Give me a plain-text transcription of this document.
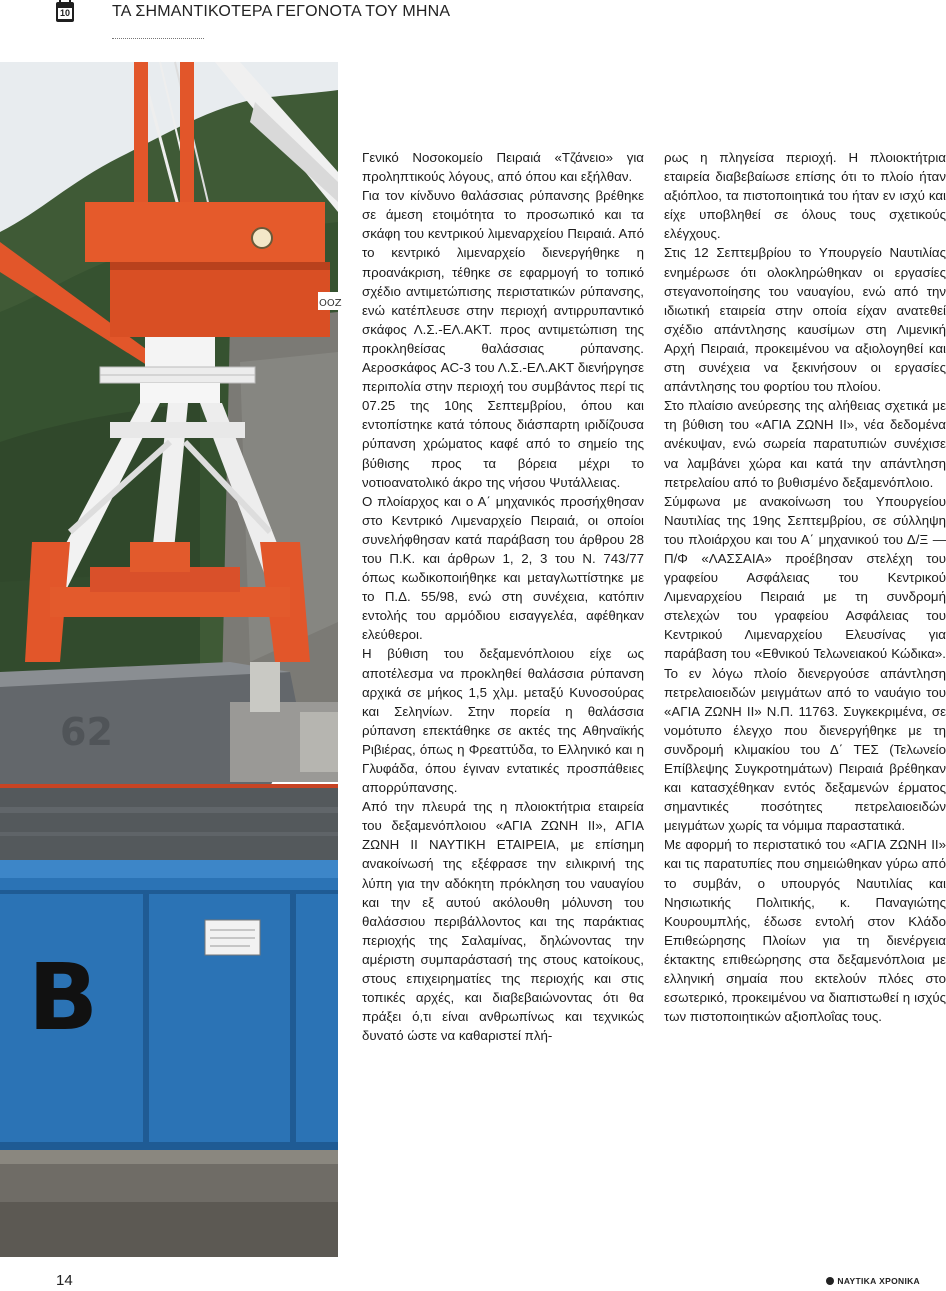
10	ΤΑ ΣΗΜΑΝΤΙΚΟΤΕΡΑ ΓΕΓΟΝΟΤΑ ΤΟΥ ΜΗΝΑ
OOZ
62
B

Γενικό Νοσοκομείο Πειραιά «Τζάνειο» για προληπτικούς λόγους, από όπου και εξήλθαν.

Για τον κίνδυνο θαλάσσιας ρύπανσης βρέθηκε σε άμεση ετοιμότητα το προσωπικό και τα σκάφη του κεντρικού λιμεναρχείου Πειραιά. Από το κεντρικό λιμεναρχείο διενεργήθηκε η προανάκριση, τέθηκε σε εφαρμογή το τοπικό σχέδιο αντιμετώπισης περιστατικών ρύπανσης, ενώ κατέπλευσε στην περιοχή αντιρρυπαντικό σκάφος Λ.Σ.-ΕΛ.ΑΚΤ. προς αντιμετώπιση της προκληθείσας θαλάσσιας ρύπανσης. Αεροσκάφος AC-3 του Λ.Σ.-ΕΛ.ΑΚΤ διενήργησε περιπολία στην περιοχή του συμβάντος περί τις 07.25 της 10ης Σεπτεμβρίου, όπου και εντοπίστηκε κατά τόπους διάσπαρτη ιριδίζουσα ρύπανση χρώματος καφέ από το σημείο της βύθισης προς τα βόρεια μέχρι το νοτιοανατολικό άκρο της νήσου Ψυτάλλειας.

Ο πλοίαρχος και ο Α΄ μηχανικός προσήχθησαν στο Κεντρικό Λιμεναρχείο Πειραιά, οι οποίοι συνελήφθησαν κατά παράβαση του άρθρου 28 του Π.Κ. και άρθρων 1, 2, 3 του Ν. 743/77 όπως κωδικοποιήθηκε και μεταγλωττίστηκε με το Π.Δ. 55/98, ενώ στη συνέχεια, κατόπιν εντολής του αρμόδιου εισαγγελέα, αφέθηκαν ελεύθεροι.

Η βύθιση του δεξαμενόπλοιου είχε ως αποτέλεσμα να προκληθεί θαλάσσια ρύπανση αρχικά σε μήκος 1,5 χλμ. μεταξύ Κυνοσούρας και Σεληνίων. Στην πορεία η θαλάσσια ρύπανση επεκτάθηκε σε ακτές της Αθηναϊκής Ριβιέρας, όπως η Φρεαττύδα, το Ελληνικό και η Γλυφάδα, όπου έγιναν εντατικές προσπάθειες απορρύπανσης.

Από την πλευρά της η πλοιοκτήτρια εταιρεία του δεξαμενόπλοιου «ΑΓΙΑ ΖΩΝΗ ΙΙ», ΑΓΙΑ ΖΩΝΗ ΙΙ ΝΑΥΤΙΚΗ ΕΤΑΙΡΕΙΑ, με επίσημη ανακοίνωσή της εξέφρασε την ειλικρινή της λύπη για την αδόκητη πρόκληση του ναυαγίου και την εξ αυτού ακόλουθη μόλυνση του θαλάσσιου περιβάλλοντος και της παράκτιας περιοχής της Σαλαμίνας, δηλώνοντας την αμέριστη συμπαράστασή της στους κατοίκους, στους επιχειρηματίες της περιοχής και στις τοπικές αρχές, και διαβεβαιώνοντας ότι θα πράξει ό,τι είναι ανθρωπίνως και τεχνικώς δυνατό ώστε να καθαριστεί πλή-

ρως η πληγείσα περιοχή. Η πλοιοκτήτρια εταιρεία διαβεβαίωσε επίσης ότι το πλοίο ήταν αξιόπλοο, τα πιστοποιητικά του ήταν εν ισχύ και είχε υποβληθεί σε όλους τους σχετικούς ελέγχους.

Στις 12 Σεπτεμβρίου το Υπουργείο Ναυτιλίας ενημέρωσε ότι ολοκληρώθηκαν οι εργασίες στεγανοποίησης του ναυαγίου, ενώ από την ιδιωτική εταιρεία στην οποία είχαν ανατεθεί σχέδιο απάντλησης καυσίμων στη Λιμενική Αρχή Πειραιά, προκειμένου να αξιολογηθεί και στη συνέχεια να ξεκινήσουν οι εργασίες απάντλησης του φορτίου του πλοίου.

Στο πλαίσιο ανεύρεσης της αλήθειας σχετικά με τη βύθιση του «ΑΓΙΑ ΖΩΝΗ ΙΙ», νέα δεδομένα ανέκυψαν, ενώ σωρεία παρατυπιών συνέχισε να λαμβάνει χώρα και κατά την απάντληση πετρελαίου από το βυθισμένο δεξαμενόπλοιο.

Σύμφωνα με ανακοίνωση του Υπουργείου Ναυτιλίας της 19ης Σεπτεμβρίου, σε σύλληψη του πλοιάρχου και του Α΄ μηχανικού του Δ/Ξ — Π/Φ «ΛΑΣΣΑΙΑ» προέβησαν στελέχη του γραφείου Ασφάλειας του Κεντρικού Λιμεναρχείου Πειραιά με τη συνδρομή στελεχών του γραφείου Ασφάλειας του Κεντρικού Λιμεναρχείου Ελευσίνας για παράβαση του «Εθνικού Τελωνειακού Κώδικα». Το εν λόγω πλοίο διενεργούσε απάντληση πετρελαιοειδών μειγμάτων από το ναυάγιο του «ΑΓΙΑ ΖΩΝΗ ΙΙ» Ν.Π. 11763. Συγκεκριμένα, σε νομότυπο έλεγχο που διενεργήθηκε με τη συνδρομή κλιμακίου του Δ΄ ΤΕΣ (Τελωνείο Επίβλεψης Συγκροτημάτων) Πειραιά βρέθηκαν και κατασχέθηκαν εντός δεξαμενών έρματος σημαντικές ποσότητες πετρελαιοειδών μειγμάτων χωρίς τα νόμιμα παραστατικά.

Με αφορμή το περιστατικό του «ΑΓΙΑ ΖΩΝΗ ΙΙ» και τις παρατυπίες που σημειώθηκαν γύρω από το συμβάν, ο υπουργός Ναυτιλίας και Νησιωτικής Πολιτικής, κ. Παναγιώτης Κουρουμπλής, έδωσε εντολή στον Κλάδο Επιθεώρησης Πλοίων για τη διενέργεια έκτακτης επιθεώρησης στα δεξαμενόπλοια με ελληνική σημαία που εκτελούν πλόες στο εσωτερικό, προκειμένου να διαπιστωθεί η ισχύς των πιστοποιητικών αξιοπλοΐας τους.

14	ΝΑΥΤΙΚΑ ΧΡΟΝΙΚΑ
